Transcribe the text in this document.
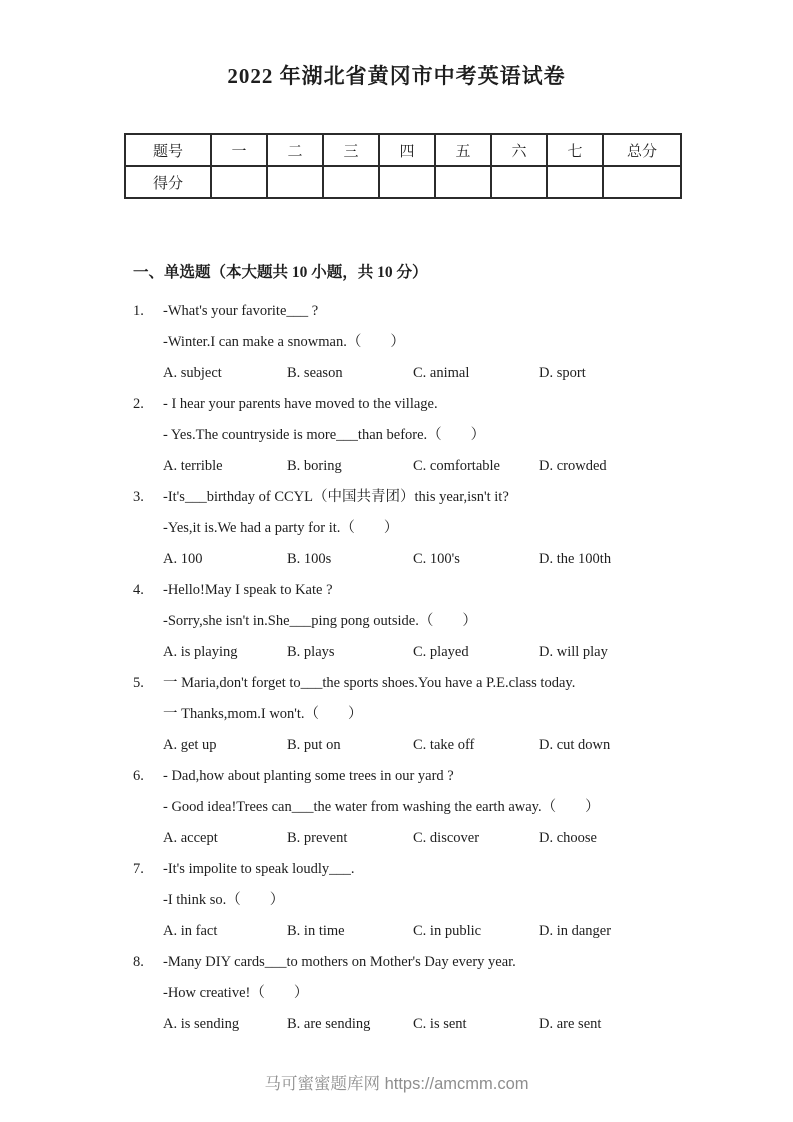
2022 年湖北省黄冈市中考英语试卷
题号	一	二	三	四	五	六	七	总分
得分								
一、单选题（本大题共 10 小题，共 10 分）
1.	-What's your favorite___ ?
-Winter.I can make a snowman.（　　）
A. subject	B. season	C. animal	D. sport
2.	- I hear your parents have moved to the village.
- Yes.The countryside is more___than before.（　　）
A. terrible	B. boring	C. comfortable	D. crowded
3.	-It's___birthday of CCYL（中国共青团）this year,isn't it?
-Yes,it is.We had a party for it.（　　）
A. 100	B. 100s	C. 100's	D. the 100th
4.	-Hello!May I speak to Kate ?
-Sorry,she isn't in.She___ping pong outside.（　　）
A. is playing	B. plays	C. played	D. will play
5.	一 Maria,don't forget to___the sports shoes.You have a P.E.class today.
一 Thanks,mom.I won't.（　　）
A. get up	B. put on	C. take off	D. cut down
6.	- Dad,how about planting some trees in our yard ?
- Good idea!Trees can___the water from washing the earth away.（　　）
A. accept	B. prevent	C. discover	D. choose
7.	-It's impolite to speak loudly___.
-I think so.（　　）
A. in fact	B. in time	C. in public	D. in danger
8.	-Many DIY cards___to mothers on Mother's Day every year.
-How creative!（　　）
A. is sending	B. are sending	C. is sent	D. are sent
马可蜜蜜题库网 https://amcmm.com
